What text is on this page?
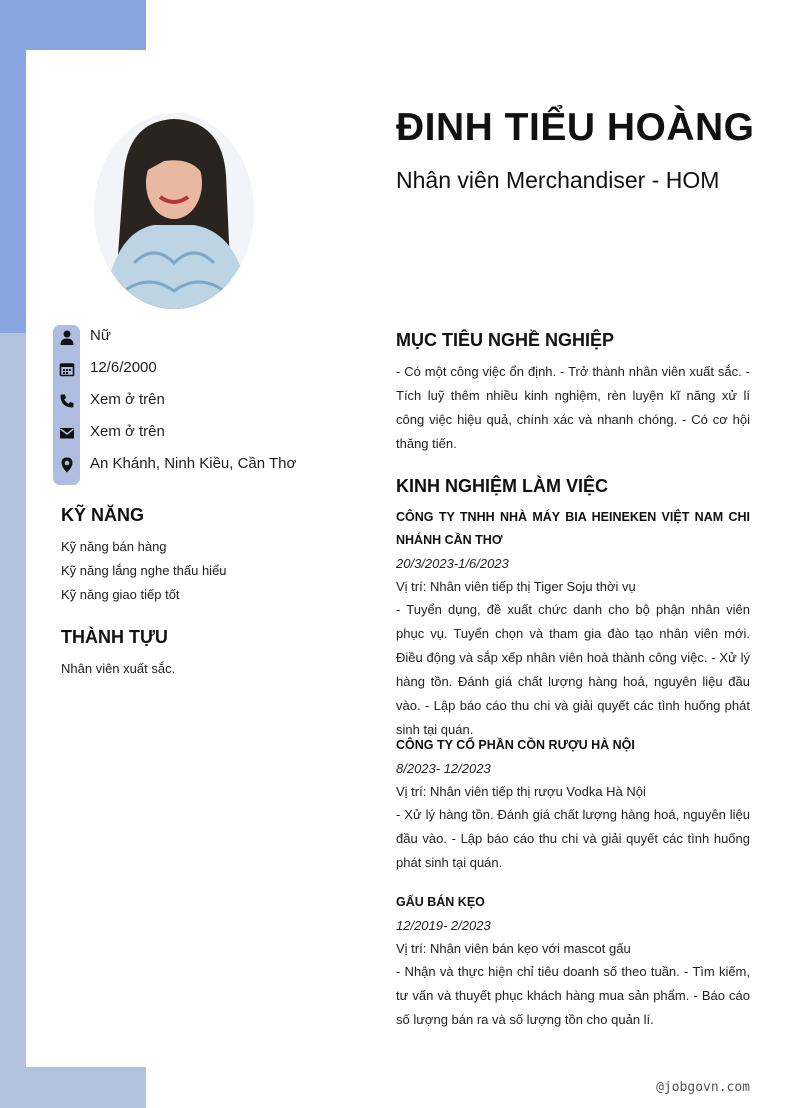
ĐINH TIỂU HOÀNG
Nhân viên Merchandiser - HOM
Nữ
12/6/2000
Xem ở trên
Xem ở trên
An Khánh, Ninh Kiều, Cần Thơ
KỸ NĂNG
Kỹ năng bán hàng
Kỹ năng lắng nghe thấu hiểu
Kỹ năng giao tiếp tốt
THÀNH TỰU
Nhân viên xuất sắc.
MỤC TIÊU NGHỀ NGHIỆP

- Có một công việc ổn định. - Trở thành nhân viên xuất sắc. - Tích luỹ thêm nhiều kinh nghiệm, rèn luyện kĩ năng xử lí công việc hiệu quả, chính xác và nhanh chóng. - Có cơ hội thăng tiến.

KINH NGHIỆM LÀM VIỆC

CÔNG TY TNHH NHÀ MÁY BIA HEINEKEN VIỆT NAM CHI NHÁNH CẦN THƠ

20/3/2023-1/6/2023
Vị trí: Nhân viên tiếp thị Tiger Soju thời vụ

- Tuyển dụng, đề xuất chức danh cho bộ phận nhân viên phục vụ. Tuyển chọn và tham gia đào tạo nhân viên mới. Điều động và sắp xếp nhân viên hoà thành công việc. - Xử lý hàng tồn. Đánh giá chất lượng hàng hoá, nguyên liệu đầu vào. - Lập báo cáo thu chi và giải quyết các tình huống phát sinh tại quán.

CÔNG TY CỔ PHẦN CỒN RƯỢU HÀ NỘI

8/2023- 12/2023
Vị trí: Nhân viên tiếp thị rượu Vodka Hà Nội

- Xử lý hàng tồn. Đánh giá chất lượng hàng hoá, nguyên liệu đầu vào. - Lập báo cáo thu chi và giải quyết các tình huống phát sinh tại quán.

GẤU BÁN KẸO

12/2019- 2/2023
Vị trí: Nhân viên bán kẹo với mascot gấu

- Nhận và thực hiện chỉ tiêu doanh số theo tuần. - Tìm kiếm, tư vấn và thuyết phục khách hàng mua sản phẩm. - Báo cáo số lượng bán ra và số lượng tồn cho quản lí.

@jobgovn.com
